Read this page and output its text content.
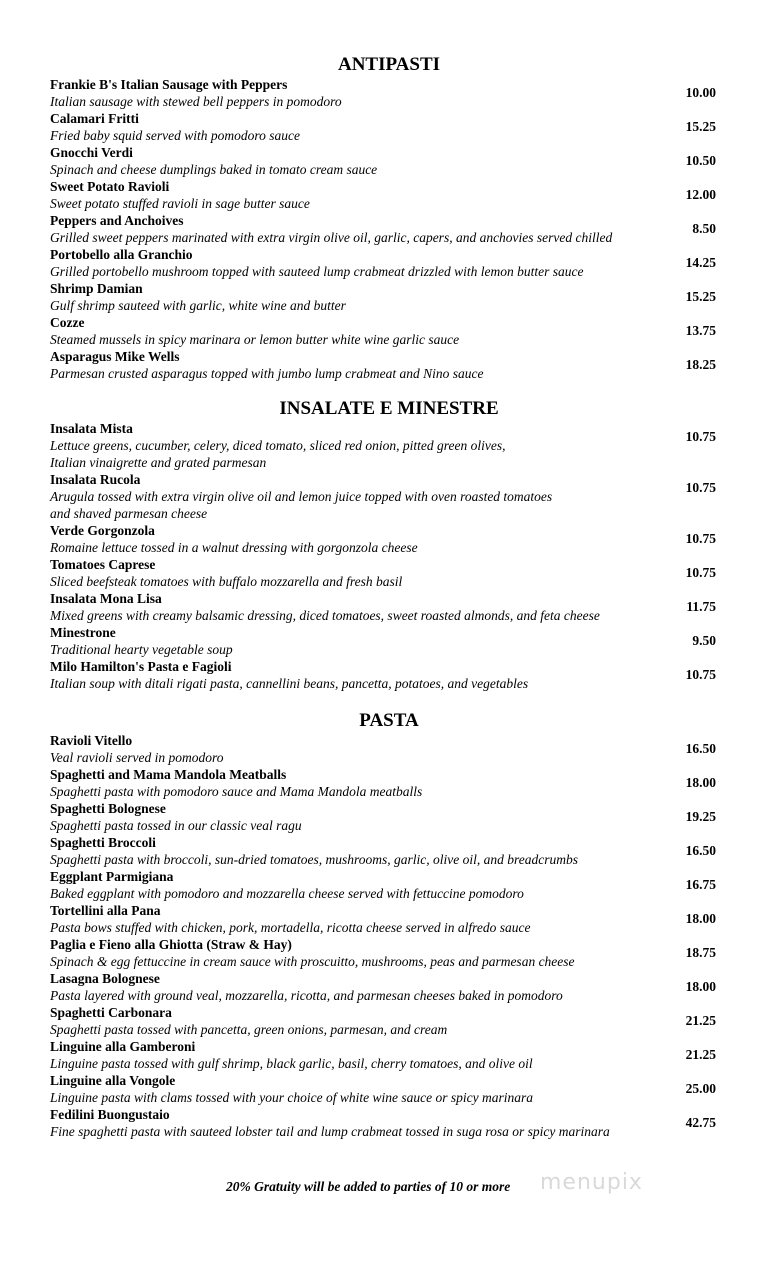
ANTIPASTI
Frankie B's Italian Sausage with Peppers
Italian sausage with stewed bell peppers in pomodoro
10.00
Calamari Fritti
Fried baby squid served with pomodoro sauce
15.25
Gnocchi Verdi
Spinach and cheese dumplings baked in tomato cream sauce
10.50
Sweet Potato Ravioli
Sweet potato stuffed ravioli in sage butter sauce
12.00
Peppers and Anchoives
Grilled sweet peppers marinated with extra virgin olive oil, garlic, capers, and anchovies served chilled
8.50
Portobello alla Granchio
Grilled portobello mushroom topped with sauteed lump crabmeat drizzled with lemon butter sauce
14.25
Shrimp Damian
Gulf shrimp sauteed with garlic, white wine and butter
15.25
Cozze
Steamed mussels in spicy marinara or lemon butter white wine garlic sauce
13.75
Asparagus Mike Wells
Parmesan crusted asparagus topped with jumbo lump crabmeat and Nino sauce
18.25
INSALATE E MINESTRE
Insalata Mista
Lettuce greens, cucumber, celery, diced tomato, sliced red onion, pitted green olives,
Italian vinaigrette and grated parmesan
10.75
Insalata Rucola
Arugula tossed with extra virgin olive oil and lemon juice topped with oven roasted tomatoes
and shaved parmesan cheese
10.75
Verde Gorgonzola
Romaine lettuce tossed in a walnut dressing with gorgonzola cheese
10.75
Tomatoes Caprese
Sliced beefsteak tomatoes with buffalo mozzarella and fresh basil
10.75
Insalata Mona Lisa
Mixed greens with creamy balsamic dressing, diced tomatoes, sweet roasted almonds, and feta cheese
11.75
Minestrone
Traditional hearty vegetable soup
9.50
Milo Hamilton's Pasta e Fagioli
Italian soup with ditali rigati pasta, cannellini beans, pancetta, potatoes, and vegetables
10.75
PASTA
Ravioli Vitello
Veal ravioli served in pomodoro
16.50
Spaghetti and Mama Mandola Meatballs
Spaghetti pasta with pomodoro sauce and Mama Mandola meatballs
18.00
Spaghetti Bolognese
Spaghetti pasta tossed in our classic veal ragu
19.25
Spaghetti Broccoli
Spaghetti pasta with broccoli, sun-dried tomatoes, mushrooms, garlic, olive oil, and breadcrumbs
16.50
Eggplant Parmigiana
Baked eggplant with pomodoro and mozzarella cheese served with fettuccine pomodoro
16.75
Tortellini alla Pana
Pasta bows stuffed with chicken, pork, mortadella, ricotta cheese served in alfredo sauce
18.00
Paglia e Fieno alla Ghiotta (Straw & Hay)
Spinach & egg fettuccine in cream sauce with proscuitto, mushrooms, peas and parmesan cheese
18.75
Lasagna Bolognese
Pasta layered with ground veal, mozzarella, ricotta, and parmesan cheeses baked in pomodoro
18.00
Spaghetti Carbonara
Spaghetti pasta tossed with pancetta, green onions, parmesan, and cream
21.25
Linguine alla Gamberoni
Linguine pasta tossed with gulf shrimp, black garlic, basil, cherry tomatoes, and olive oil
21.25
Linguine alla Vongole
Linguine pasta with clams tossed with your choice of white wine sauce or spicy marinara
25.00
Fedilini Buongustaio
Fine spaghetti pasta with sauteed lobster tail and lump crabmeat tossed in suga rosa or spicy marinara
42.75
20% Gratuity will be added to parties of 10 or more menupix
